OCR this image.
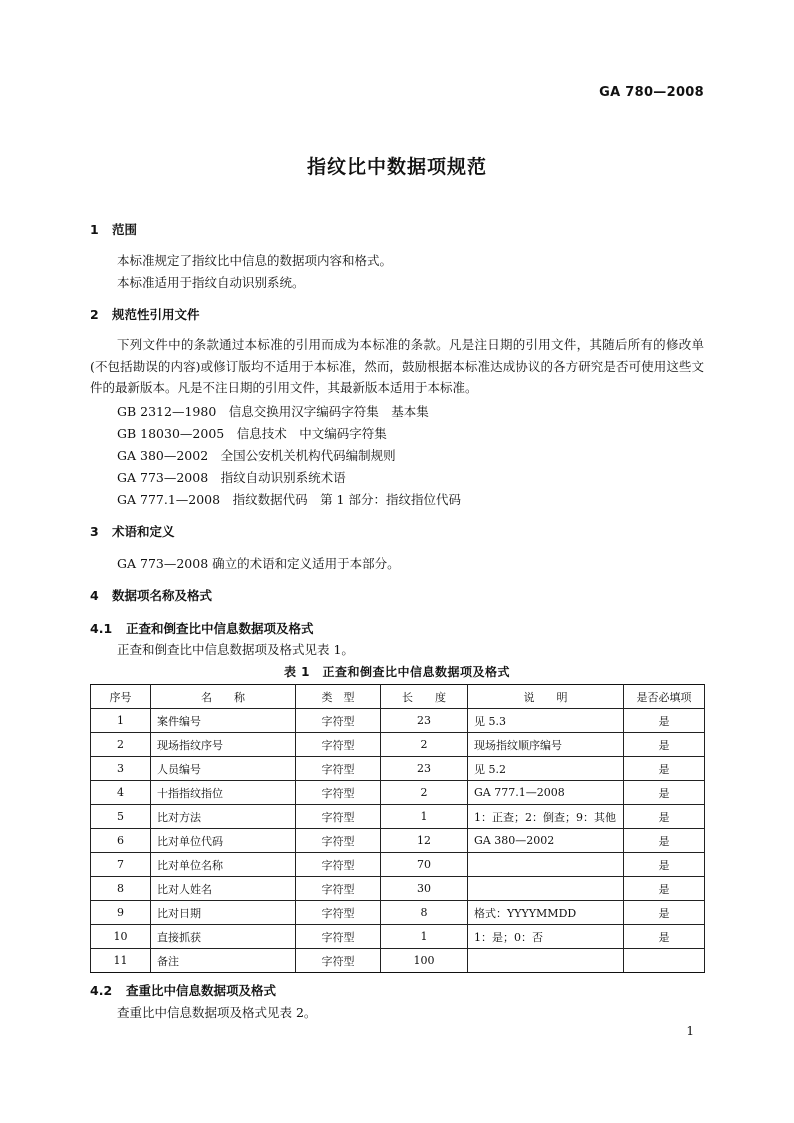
GA 780—2008
指纹比中数据项规范
1 范围
本标准规定了指纹比中信息的数据项内容和格式。
本标准适用于指纹自动识别系统。
2 规范性引用文件
下列文件中的条款通过本标准的引用而成为本标准的条款。凡是注日期的引用文件，其随后所有的修改单(不包括勘误的内容)或修订版均不适用于本标准，然而，鼓励根据本标准达成协议的各方研究是否可使用这些文件的最新版本。凡是不注日期的引用文件，其最新版本适用于本标准。
GB 2312—1980　信息交换用汉字编码字符集　基本集
GB 18030—2005　信息技术　中文编码字符集
GA 380—2002　全国公安机关机构代码编制规则
GA 773—2008　指纹自动识别系统术语
GA 777.1—2008　指纹数据代码　第 1 部分：指纹指位代码
3 术语和定义
GA 773—2008 确立的术语和定义适用于本部分。
4 数据项名称及格式
4.1 正查和倒查比中信息数据项及格式
正查和倒查比中信息数据项及格式见表 1。
表 1　正查和倒查比中信息数据项及格式
序号	名　　称	类　型	长　　度	说　　明	是否必填项
1	案件编号	字符型	23	见 5.3	是
2	现场指纹序号	字符型	2	现场指纹顺序编号	是
3	人员编号	字符型	23	见 5.2	是
4	十指指纹指位	字符型	2	GA 777.1—2008	是
5	比对方法	字符型	1	1：正查；2：倒查；9：其他	是
6	比对单位代码	字符型	12	GA 380—2002	是
7	比对单位名称	字符型	70		是
8	比对人姓名	字符型	30		是
9	比对日期	字符型	8	格式：YYYYMMDD	是
10	直接抓获	字符型	1	1：是；0：否	是
11	备注	字符型	100		
4.2 查重比中信息数据项及格式
查重比中信息数据项及格式见表 2。
1
